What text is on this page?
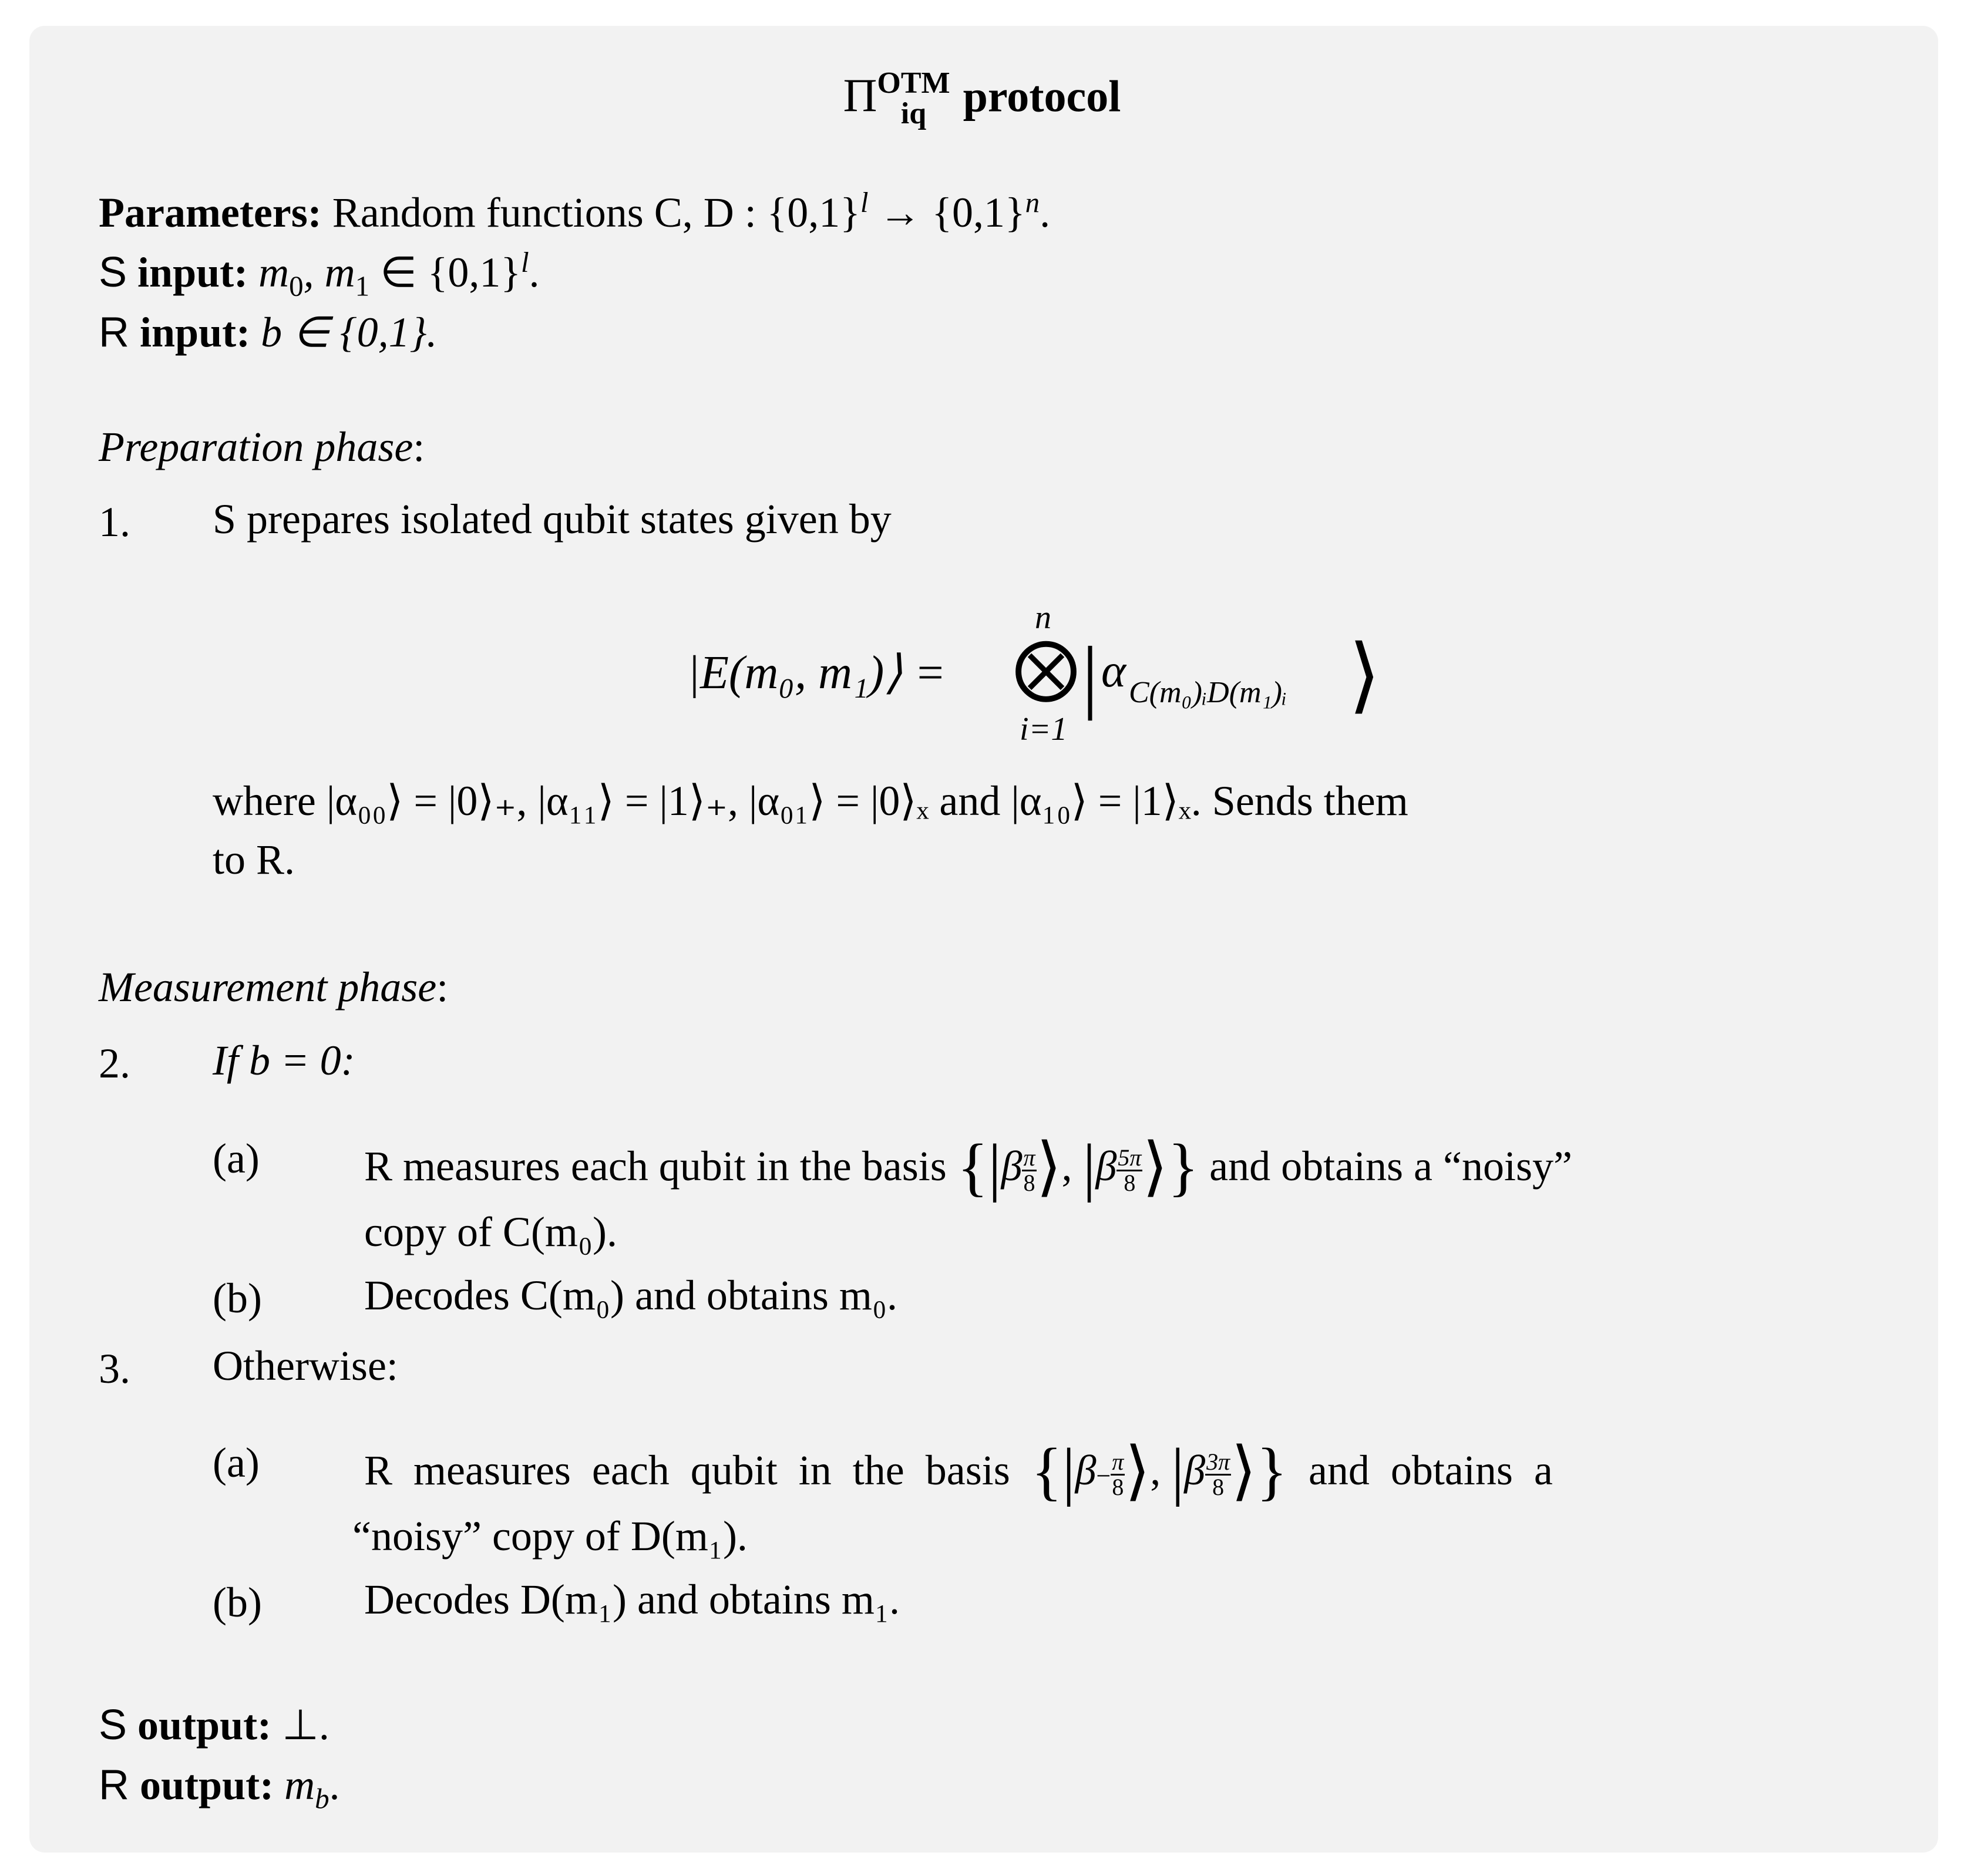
Π OTM
iq protocol
Parameters: Random functions C, D : $\{0,1\}^l \to \{0,1\}^n$.
S input: $m_0$, $m_1$ ∈ $\{0,1\}^l$.
R input: b ∈ {0,1}.
Preparation phase:
1. S prepares isolated qubit states given by
|E(m₀, m₁)⟩ =
n
⨂
i=1
| α C(m₀)ᵢD(m₁)ᵢ ⟩
where |α₀₀⟩ = |0⟩₊, |α₁₁⟩ = |1⟩₊, |α₀₁⟩ = |0⟩ₓ and |α₁₀⟩ = |1⟩ₓ. Sends them
to R.
Measurement phase:
2. If b = 0:
(a) R measures each qubit in the basis {$|\beta \frac{\pi}{8}$ ⟩, $|\beta \frac{5\pi}{8}$ ⟩} and obtains a “noisy”
copy of C(m₀).
(b) Decodes C(m₀) and obtains m₀.
3. Otherwise:
(a) R  measures  each  qubit  in  the  basis {$|\beta- \frac{\pi}{8}$ ⟩, $|\beta \frac{3\pi}{8}$ ⟩} and  obtains  a
“noisy” copy of D(m₁).
(b) Decodes D(m₁) and obtains m₁.
S output: ⊥.
R output: $m_b$.
